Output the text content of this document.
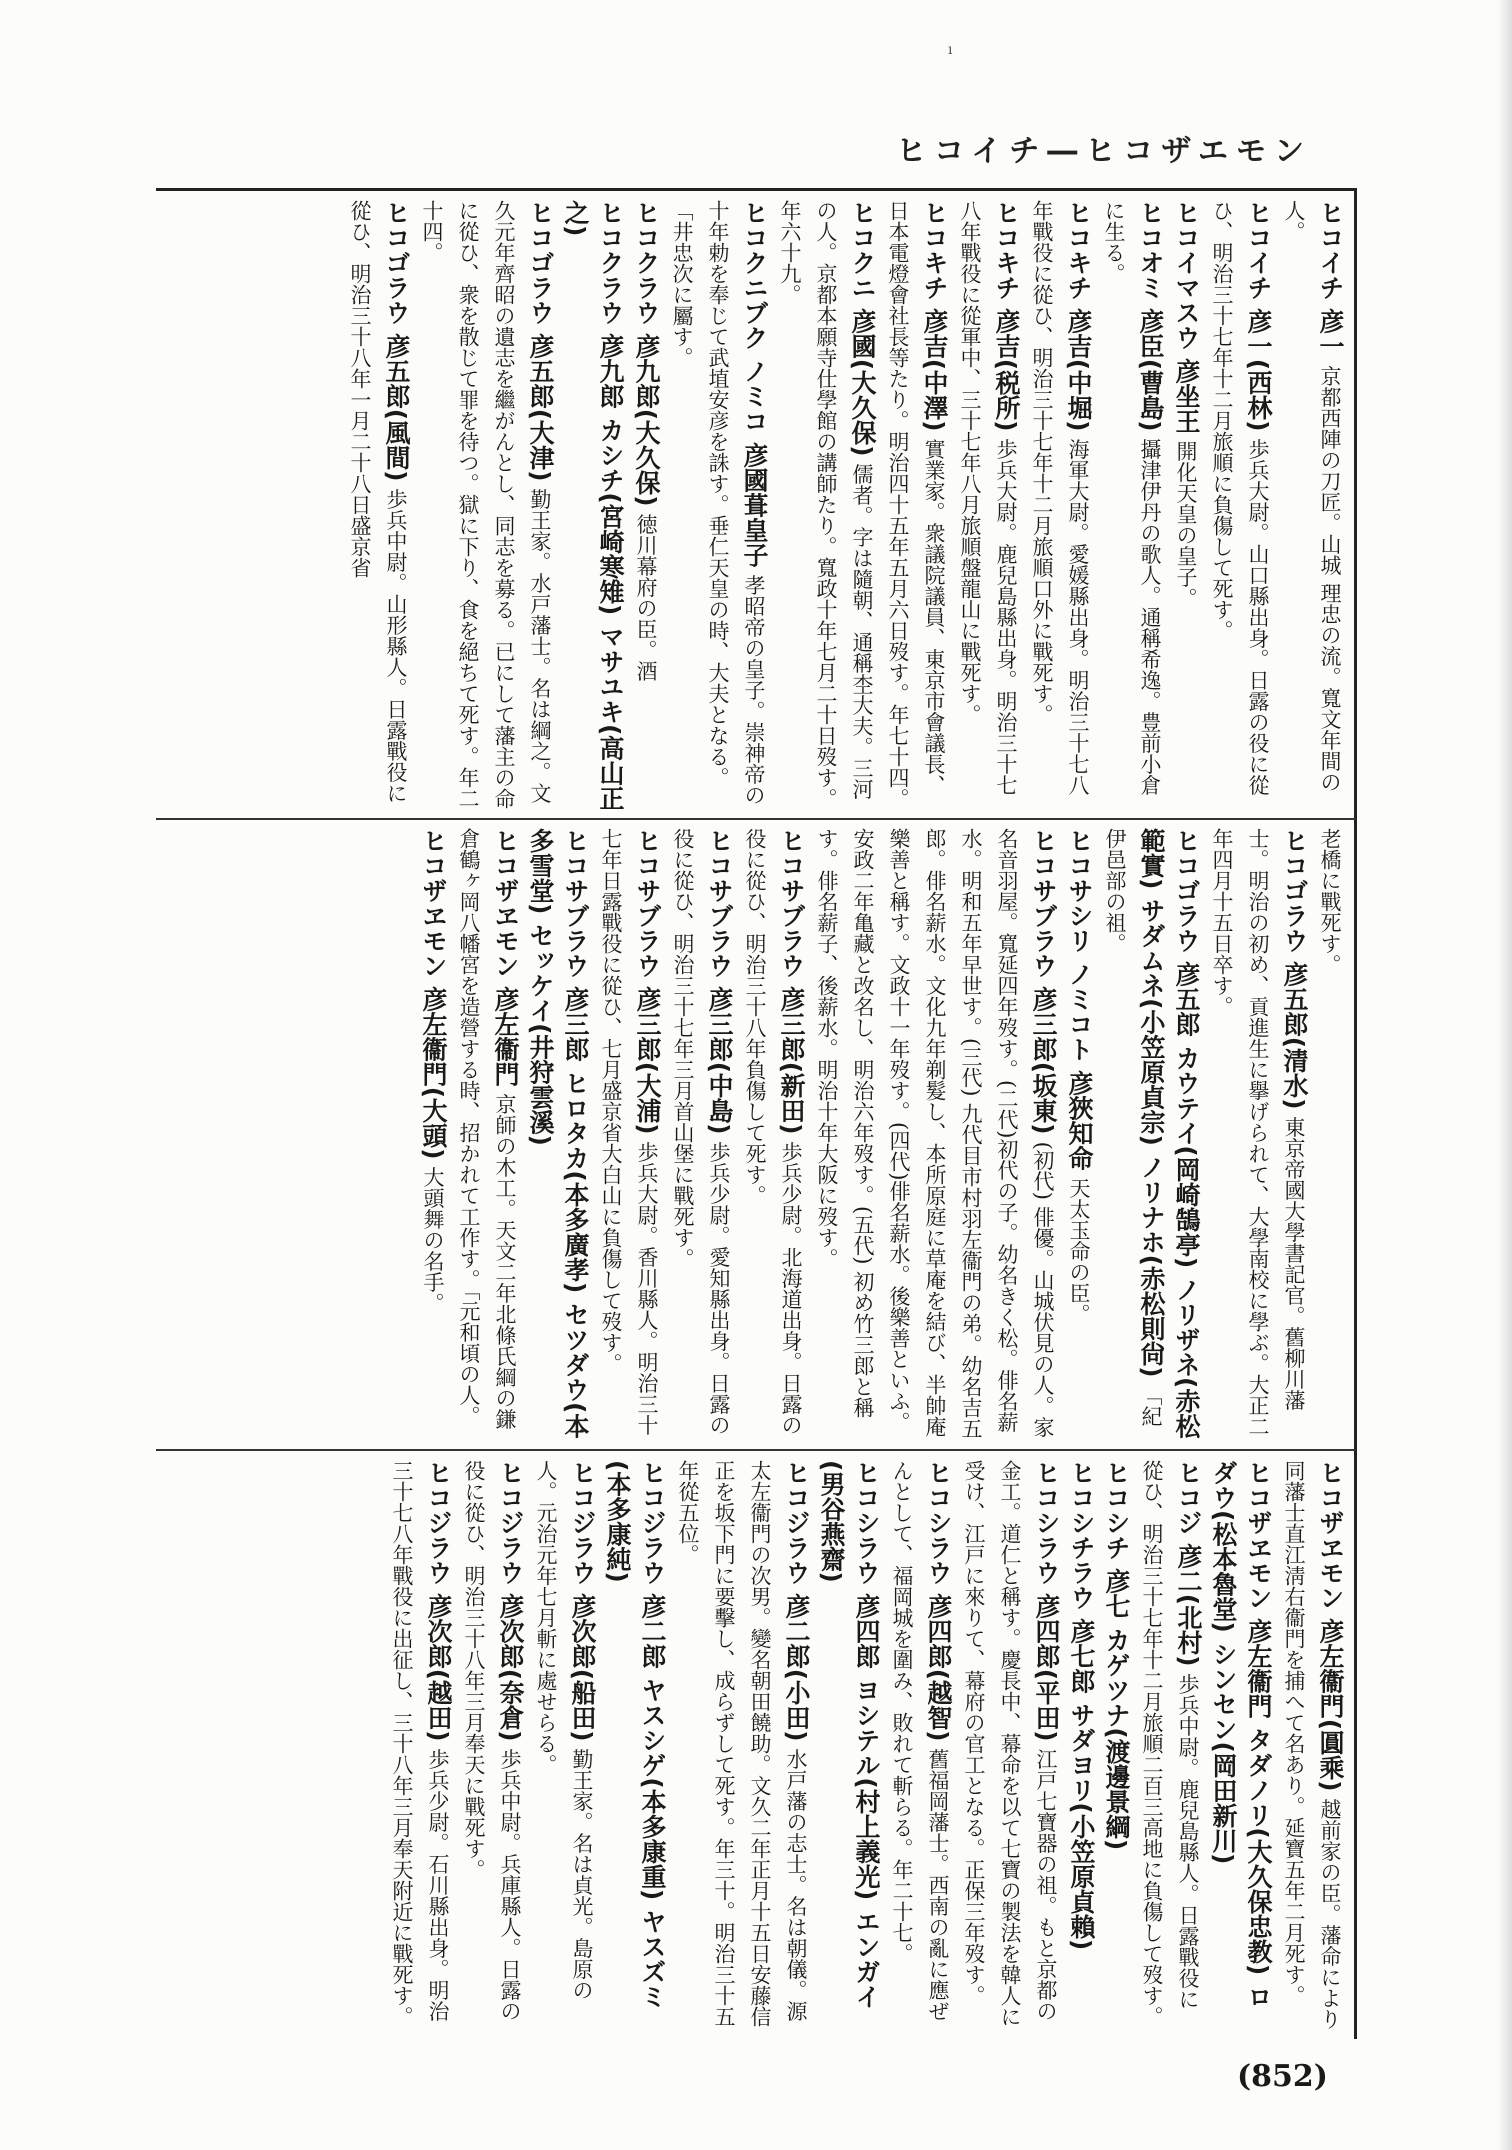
ı
ヒコイチ―ヒコザエモン

ヒコイチ 彦一 京都西陣の刀匠。山城 理忠の流。寬文年間の人。

ヒコイチ 彦一(西林) 歩兵大尉。山口縣出身。日露の役に從ひ、明治三十七年十二月旅順に負傷して死す。

ヒコイマスウ 彦坐王 開化天皇の皇子。

ヒコオミ 彦臣(曹島) 攝津伊丹の歌人。通稱希逸。豊前小倉に生る。

ヒコキチ 彦吉(中堀) 海軍大尉。愛媛縣出身。明治三十七八年戰役に從ひ、明治三十七年十二月旅順口外に戰死す。

ヒコキチ 彦吉(税所) 歩兵大尉。鹿兒島縣出身。明治三十七八年戰役に從軍中、三十七年八月旅順盤龍山に戰死す。

ヒコキチ 彦吉(中澤) 實業家。衆議院議員、東京市會議長、日本電燈會社長等たり。明治四十五年五月六日歿す。年七十四。

ヒコクニ 彦國(大久保) 儒者。字は隨朝、通稱杢大夫。三河の人。京都本願寺仕學館の講師たり。寬政十年七月二十日歿す。年六十九。

ヒコクニブク ノミコ 彦國葺皇子 孝昭帝の皇子。崇神帝の十年勅を奉じて武埴安彦を誅す。垂仁天皇の時、大夫となる。「井忠次に屬す。

ヒコクラウ 彦九郎(大久保) 徳川幕府の臣。酒

ヒコクラウ 彦九郎 カシチ(宮崎寒雉) マサユキ(高山正之)

ヒコゴラウ 彦五郎(大津) 勤王家。水戸藩士。名は綱之。文久元年齊昭の遺志を繼がんとし、同志を募る。已にして藩主の命に從ひ、衆を散じて罪を待つ。獄に下り、食を絕ちて死す。年二十四。

ヒコゴラウ 彦五郎(風間) 歩兵中尉。山形縣人。日露戰役に從ひ、明治三十八年一月二十八日盛京省

老橋に戰死す。

ヒコゴラウ 彦五郎(清水) 東京帝國大學書記官。舊柳川藩士。明治の初め、貢進生に擧げられて、大學南校に學ぶ。大正二年四月十五日卒す。

ヒコゴラウ 彦五郎 カウテイ(岡崎鵠亭) ノリザネ(赤松範實) サダムネ(小笠原貞宗) ノリナホ(赤松則尙) 「紀伊邑部の祖。

ヒコサシリ ノミコト 彦狹知命 天太玉命の臣。

ヒコサブラウ 彦三郎(坂東) (初代) 俳優。山城伏見の人。家名音羽屋。寬延四年歿す。(二代)初代の子。幼名きく松。俳名薪水。明和五年早世す。(三代) 九代目市村羽左衞門の弟。幼名吉五郎。俳名薪水。文化九年剃髮し、本所原庭に草庵を結び、半帥庵樂善と稱す。文政十一年歿す。(四代)俳名薪水。後樂善といふ。安政二年亀藏と改名し、明治六年歿す。(五代) 初め竹三郎と稱す。俳名薪子、後薪水。明治十年大阪に歿す。

ヒコサブラウ 彦三郎(新田) 歩兵少尉。北海道出身。日露の役に從ひ、明治三十八年負傷して死す。

ヒコサブラウ 彦三郎(中島) 歩兵少尉。愛知縣出身。日露の役に從ひ、明治三十七年三月首山堡に戰死す。

ヒコサブラウ 彦三郎(大浦) 歩兵大尉。香川縣人。明治三十七年日露戰役に從ひ、七月盛京省大白山に負傷して歿す。

ヒコサブラウ 彦三郎 ヒロタカ(本多廣孝) セツダウ(本多雪堂) セッケイ(井狩雲溪)

ヒコザヱモン 彦左衞門 京師の木工。天文二年北條氏綱の鎌倉鶴ヶ岡八幡宮を造營する時、招かれて工作す。「元和頃の人。

ヒコザヱモン 彦左衞門(大頭) 大頭舞の名手。

ヒコザヱモン 彦左衞門(圓乘) 越前家の臣。藩命により同藩士直江淸右衞門を捕へて名あり。延寶五年二月死す。

ヒコザヱモン 彦左衞門 タダノリ(大久保忠教) ロダウ(松本魯堂) シンセン(岡田新川)

ヒコジ 彦二(北村) 歩兵中尉。鹿兒島縣人。日露戰役に從ひ、明治三十七年十二月旅順二百三高地に負傷して歿す。

ヒコシチ 彦七 カゲツナ(渡邊景綱)

ヒコシチラウ 彦七郎 サダヨリ(小笠原貞賴)

ヒコシラウ 彦四郎(平田) 江戸七寶器の祖。もと京都の金工。道仁と稱す。慶長中、幕命を以て七寶の製法を韓人に受け、江戸に來りて、幕府の官工となる。正保三年歿す。

ヒコシラウ 彦四郎(越智) 舊福岡藩士。西南の亂に應ぜんとして、福岡城を圍み、敗れて斬らる。年二十七。

ヒコシラウ 彦四郎 ヨシテル(村上義光) エンガイ(男谷燕齋)

ヒコジラウ 彦二郎(小田) 水戸藩の志士。名は朝儀。源太左衞門の次男。變名朝田饒助。文久二年正月十五日安藤信正を坂下門に要擊し、成らずして死す。年三十。明治三十五年從五位。

ヒコジラウ 彦二郎 ヤスシゲ(本多康重) ヤスズミ(本多康純)

ヒコジラウ 彦次郎(船田) 勤王家。名は貞光。島原の人。元治元年七月斬に處せらる。

ヒコジラウ 彦次郎(奈倉) 歩兵中尉。兵庫縣人。日露の役に從ひ、明治三十八年三月奉天に戰死す。

ヒコジラウ 彦次郎(越田) 歩兵少尉。石川縣出身。明治三十七八年戰役に出征し、三十八年三月奉天附近に戰死す。

(852)
